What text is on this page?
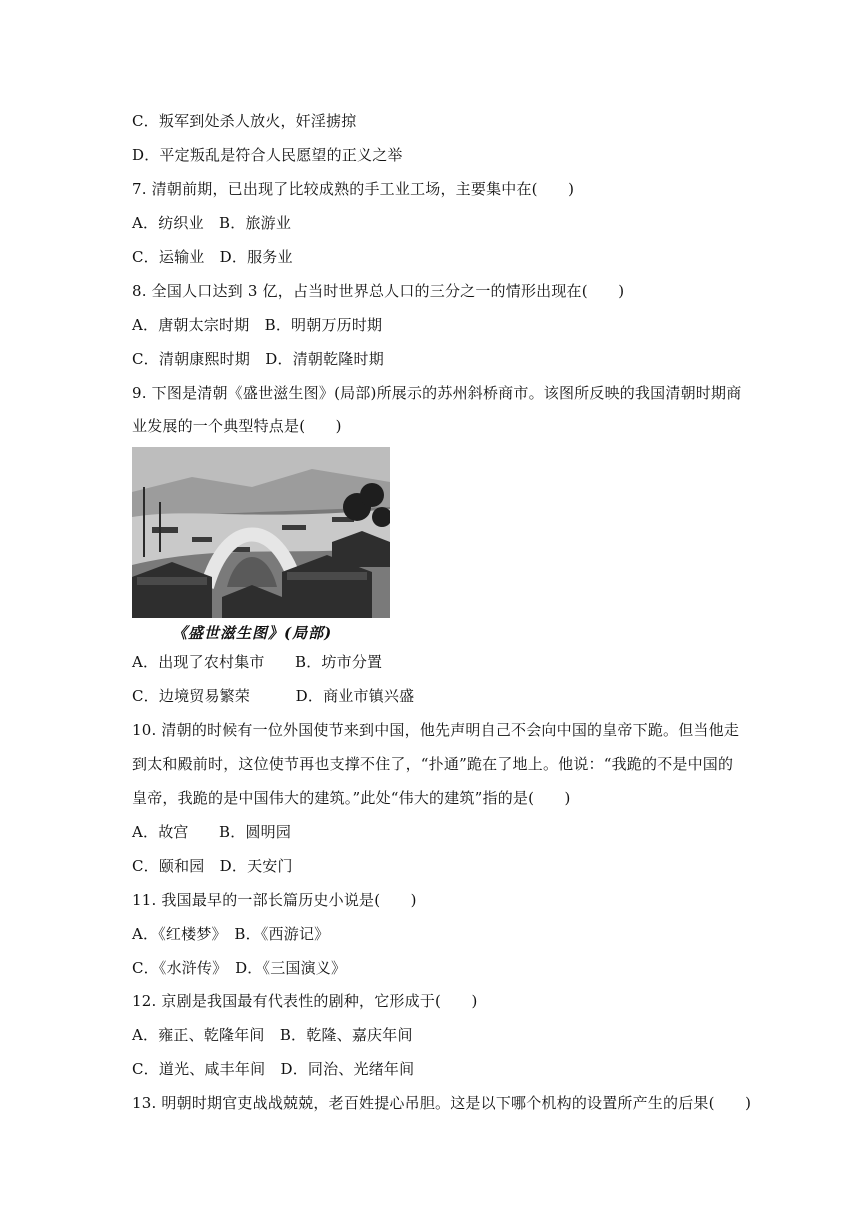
C．叛军到处杀人放火，奸淫掳掠
D．平定叛乱是符合人民愿望的正义之举
7. 清朝前期，已出现了比较成熟的手工业工场，主要集中在(　　)
A．纺织业　B．旅游业
C．运输业　D．服务业
8. 全国人口达到 3 亿，占当时世界总人口的三分之一的情形出现在(　　)
A．唐朝太宗时期　B．明朝万历时期
C．清朝康熙时期　D．清朝乾隆时期
9. 下图是清朝《盛世滋生图》(局部)所展示的苏州斜桥商市。该图所反映的我国清朝时期商
业发展的一个典型特点是(　　)
《盛世滋生图》(局部)
A．出现了农村集市　　B．坊市分置
C．边境贸易繁荣　　　D．商业市镇兴盛
10. 清朝的时候有一位外国使节来到中国，他先声明自己不会向中国的皇帝下跪。但当他走
到太和殿前时，这位使节再也支撑不住了，“扑通”跪在了地上。他说：“我跪的不是中国的
皇帝，我跪的是中国伟大的建筑。”此处“伟大的建筑”指的是(　　)
A．故宫　　B．圆明园
C．颐和园　D．天安门
11. 我国最早的一部长篇历史小说是(　　)
A．《红楼梦》　B．《西游记》
C．《水浒传》　D．《三国演义》
12. 京剧是我国最有代表性的剧种，它形成于(　　)
A．雍正、乾隆年间　B．乾隆、嘉庆年间
C．道光、咸丰年间　D．同治、光绪年间
13. 明朝时期官吏战战兢兢，老百姓提心吊胆。这是以下哪个机构的设置所产生的后果(　　)
